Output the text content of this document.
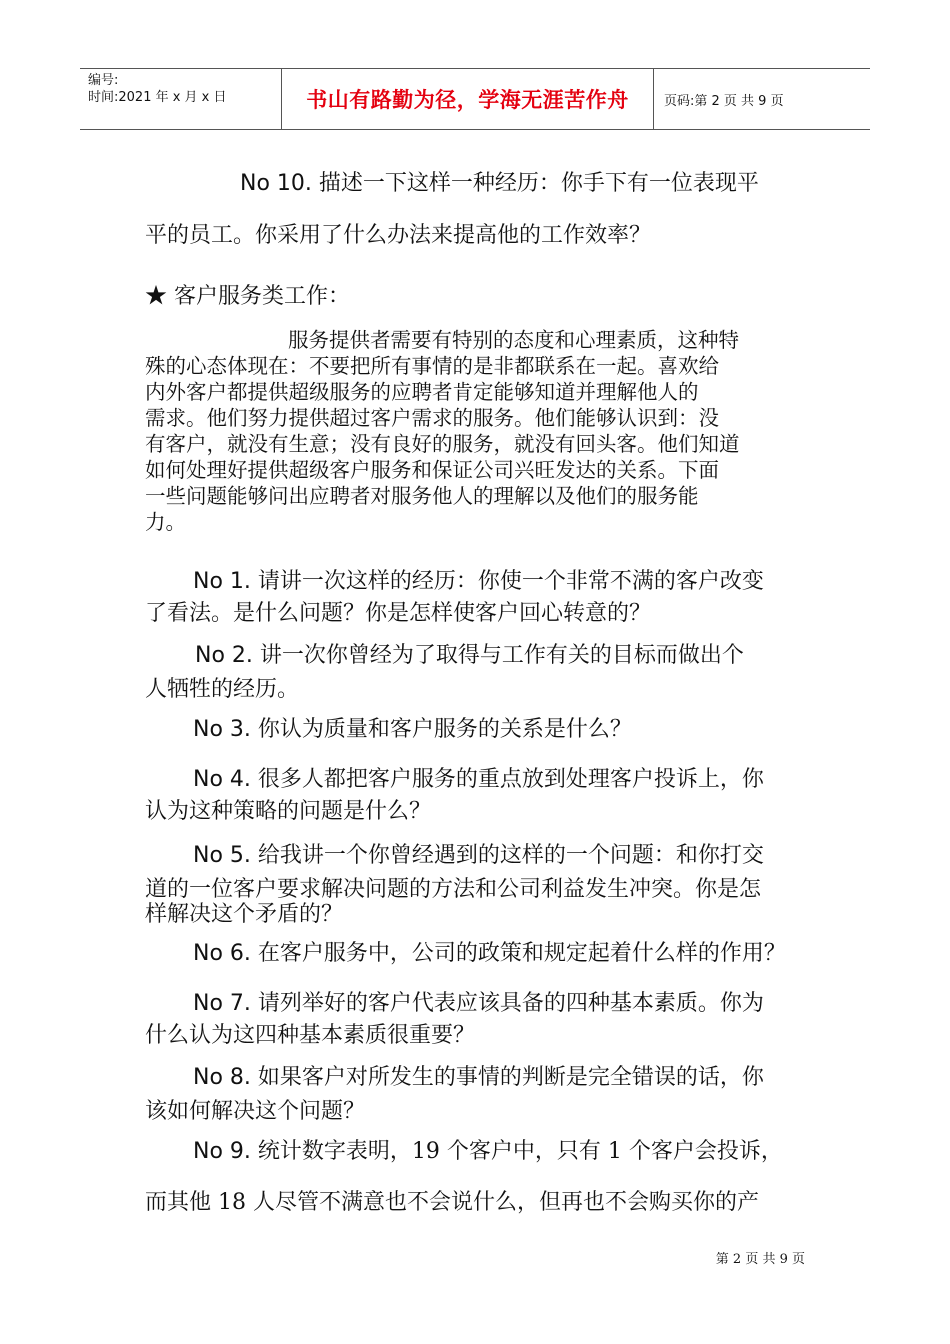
编号:
时间:2021 年 x 月 x 日	书山有路勤为径，学海无涯苦作舟	页码:第 2 页 共 9 页
No 10. 描述一下这样一种经历：你手下有一位表现平
平的员工。你采用了什么办法来提高他的工作效率？
★ 客户服务类工作：
服务提供者需要有特别的态度和心理素质，这种特
殊的心态体现在：不要把所有事情的是非都联系在一起。喜欢给
内外客户都提供超级服务的应聘者肯定能够知道并理解他人的
需求。他们努力提供超过客户需求的服务。他们能够认识到：没
有客户，就没有生意；没有良好的服务，就没有回头客。他们知道
如何处理好提供超级客户服务和保证公司兴旺发达的关系。下面
一些问题能够问出应聘者对服务他人的理解以及他们的服务能
力。
No 1. 请讲一次这样的经历：你使一个非常不满的客户改变
了看法。是什么问题？你是怎样使客户回心转意的？
No 2. 讲一次你曾经为了取得与工作有关的目标而做出个
人牺牲的经历。
No 3. 你认为质量和客户服务的关系是什么？
No 4. 很多人都把客户服务的重点放到处理客户投诉上，你
认为这种策略的问题是什么？
No 5. 给我讲一个你曾经遇到的这样的一个问题：和你打交
道的一位客户要求解决问题的方法和公司利益发生冲突。你是怎
样解决这个矛盾的？
No 6. 在客户服务中，公司的政策和规定起着什么样的作用？
No 7. 请列举好的客户代表应该具备的四种基本素质。你为
什么认为这四种基本素质很重要？
No 8. 如果客户对所发生的事情的判断是完全错误的话，你
该如何解决这个问题？
No 9. 统计数字表明，19 个客户中，只有 1 个客户会投诉，
而其他 18 人尽管不满意也不会说什么，但再也不会购买你的产
第 2 页 共 9 页
